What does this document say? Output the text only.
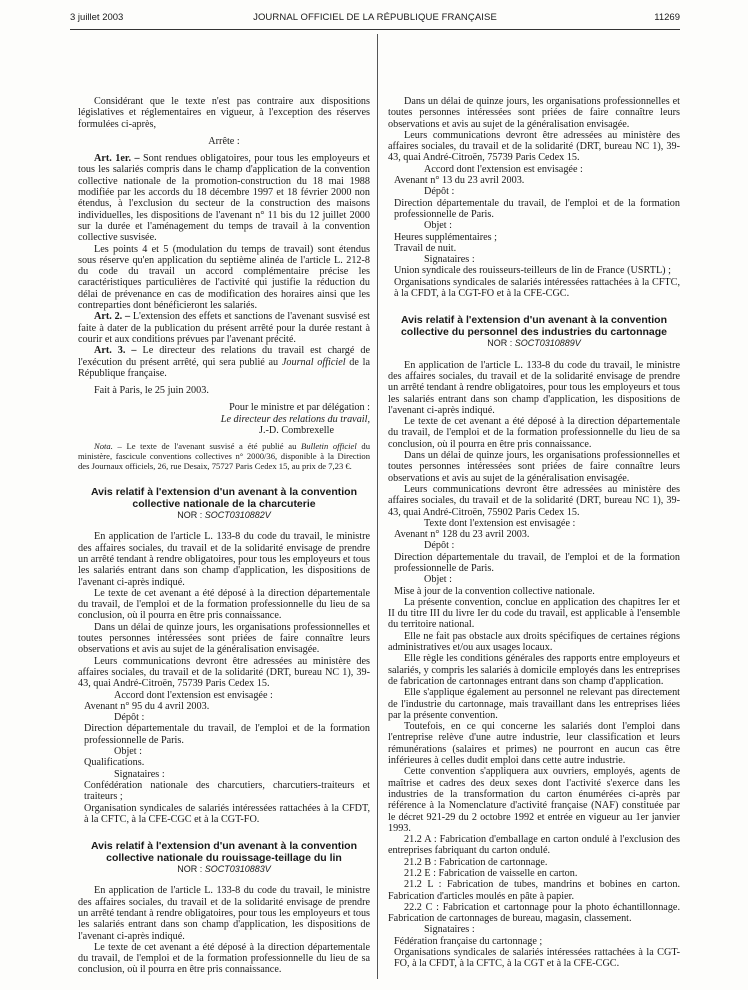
3 juillet 2003	JOURNAL OFFICIEL DE LA RÉPUBLIQUE FRANÇAISE	11269

Considérant que le texte n'est pas contraire aux dispositions législatives et réglementaires en vigueur, à l'exception des réserves formulées ci-après,

Arrête :

Art. 1er. – Sont rendues obligatoires, pour tous les employeurs et tous les salariés compris dans le champ d'application de la convention collective nationale de la promotion-construction du 18 mai 1988 modifiée par les accords du 18 décembre 1997 et 18 février 2000 non étendus, à l'exclusion du secteur de la construction des maisons individuelles, les dispositions de l'avenant n° 11 bis du 12 juillet 2000 sur la durée et l'aménagement du temps de travail à la convention collective susvisée.

Les points 4 et 5 (modulation du temps de travail) sont étendus sous réserve qu'en application du septième alinéa de l'article L. 212-8 du code du travail un accord complémentaire précise les caractéristiques particulières de l'activité qui justifie la réduction du délai de prévenance en cas de modification des horaires ainsi que les contreparties dont bénéficieront les salariés.

Art. 2. – L'extension des effets et sanctions de l'avenant susvisé est faite à dater de la publication du présent arrêté pour la durée restant à courir et aux conditions prévues par l'avenant précité.

Art. 3. – Le directeur des relations du travail est chargé de l'exécution du présent arrêté, qui sera publié au Journal officiel de la République française.

Fait à Paris, le 25 juin 2003.

Pour le ministre et par délégation :

Le directeur des relations du travail,

J.-D. Combrexelle

Nota. – Le texte de l'avenant susvisé a été publié au Bulletin officiel du ministère, fascicule conventions collectives n° 2000/36, disponible à la Direction des Journaux officiels, 26, rue Desaix, 75727 Paris Cedex 15, au prix de 7,23 €.

Avis relatif à l'extension d'un avenant à la convention collective nationale de la charcuterie

NOR : SOCT0310882V

En application de l'article L. 133-8 du code du travail, le ministre des affaires sociales, du travail et de la solidarité envisage de prendre un arrêté tendant à rendre obligatoires, pour tous les employeurs et tous les salariés entrant dans son champ d'application, les dispositions de l'avenant ci-après indiqué.

Le texte de cet avenant a été déposé à la direction départementale du travail, de l'emploi et de la formation professionnelle du lieu de sa conclusion, où il pourra en être pris connaissance.

Dans un délai de quinze jours, les organisations professionnelles et toutes personnes intéressées sont priées de faire connaître leurs observations et avis au sujet de la généralisation envisagée.

Leurs communications devront être adressées au ministère des affaires sociales, du travail et de la solidarité (DRT, bureau NC 1), 39-43, quai André-Citroën, 75739 Paris Cedex 15.

Accord dont l'extension est envisagée :

Avenant n° 95 du 4 avril 2003.

Dépôt :

Direction départementale du travail, de l'emploi et de la formation professionnelle de Paris.

Objet :

Qualifications.

Signataires :

Confédération nationale des charcutiers, charcutiers-traiteurs et traiteurs ;

Organisation syndicales de salariés intéressées rattachées à la CFDT, à la CFTC, à la CFE-CGC et à la CGT-FO.

Avis relatif à l'extension d'un avenant à la convention collective nationale du rouissage-teillage du lin

NOR : SOCT0310883V

En application de l'article L. 133-8 du code du travail, le ministre des affaires sociales, du travail et de la solidarité envisage de prendre un arrêté tendant à rendre obligatoires, pour tous les employeurs et tous les salariés entrant dans son champ d'application, les dispositions de l'avenant ci-après indiqué.

Le texte de cet avenant a été déposé à la direction départementale du travail, de l'emploi et de la formation professionnelle du lieu de sa conclusion, où il pourra en être pris connaissance.

Dans un délai de quinze jours, les organisations professionnelles et toutes personnes intéressées sont priées de faire connaître leurs observations et avis au sujet de la généralisation envisagée.

Leurs communications devront être adressées au ministère des affaires sociales, du travail et de la solidarité (DRT, bureau NC 1), 39-43, quai André-Citroën, 75739 Paris Cedex 15.

Accord dont l'extension est envisagée :

Avenant n° 13 du 23 avril 2003.

Dépôt :

Direction départementale du travail, de l'emploi et de la formation professionnelle de Paris.

Objet :

Heures supplémentaires ;

Travail de nuit.

Signataires :

Union syndicale des rouisseurs-teilleurs de lin de France (USRTL) ;

Organisations syndicales de salariés intéressées rattachées à la CFTC, à la CFDT, à la CGT-FO et à la CFE-CGC.

Avis relatif à l'extension d'un avenant à la convention collective du personnel des industries du cartonnage

NOR : SOCT0310889V

En application de l'article L. 133-8 du code du travail, le ministre des affaires sociales, du travail et de la solidarité envisage de prendre un arrêté tendant à rendre obligatoires, pour tous les employeurs et tous les salariés entrant dans son champ d'application, les dispositions de l'avenant ci-après indiqué.

Le texte de cet avenant a été déposé à la direction départementale du travail, de l'emploi et de la formation professionnelle du lieu de sa conclusion, où il pourra en être pris connaissance.

Dans un délai de quinze jours, les organisations professionnelles et toutes personnes intéressées sont priées de faire connaître leurs observations et avis au sujet de la généralisation envisagée.

Leurs communications devront être adressées au ministère des affaires sociales, du travail et de la solidarité (DRT, bureau NC 1), 39-43, quai André-Citroën, 75902 Paris Cedex 15.

Texte dont l'extension est envisagée :

Avenant n° 128 du 23 avril 2003.

Dépôt :

Direction départementale du travail, de l'emploi et de la formation professionnelle de Paris.

Objet :

Mise à jour de la convention collective nationale.

La présente convention, conclue en application des chapitres Ier et II du titre III du livre Ier du code du travail, est applicable à l'ensemble du territoire national.

Elle ne fait pas obstacle aux droits spécifiques de certaines régions administratives et/ou aux usages locaux.

Elle règle les conditions générales des rapports entre employeurs et salariés, y compris les salariés à domicile employés dans les entreprises de fabrication de cartonnages entrant dans son champ d'application.

Elle s'applique également au personnel ne relevant pas directement de l'industrie du cartonnage, mais travaillant dans les entreprises liées par la présente convention.

Toutefois, en ce qui concerne les salariés dont l'emploi dans l'entreprise relève d'une autre industrie, leur classification et leurs rémunérations (salaires et primes) ne pourront en aucun cas être inférieures à celles dudit emploi dans cette autre industrie.

Cette convention s'appliquera aux ouvriers, employés, agents de maîtrise et cadres des deux sexes dont l'activité s'exerce dans les industries de la transformation du carton énumérées ci-après par référence à la Nomenclature d'activité française (NAF) constituée par le décret 921-29 du 2 octobre 1992 et entrée en vigueur au 1er janvier 1993.

21.2 A : Fabrication d'emballage en carton ondulé à l'exclusion des entreprises fabriquant du carton ondulé.

21.2 B : Fabrication de cartonnage.

21.2 E : Fabrication de vaisselle en carton.

21.2 L : Fabrication de tubes, mandrins et bobines en carton. Fabrication d'articles moulés en pâte à papier.

22.2 C : Fabrication et cartonnage pour la photo échantillonnage. Fabrication de cartonnages de bureau, magasin, classement.

Signataires :

Fédération française du cartonnage ;

Organisations syndicales de salariés intéressées rattachées à la CGT-FO, à la CFDT, à la CFTC, à la CGT et à la CFE-CGC.
